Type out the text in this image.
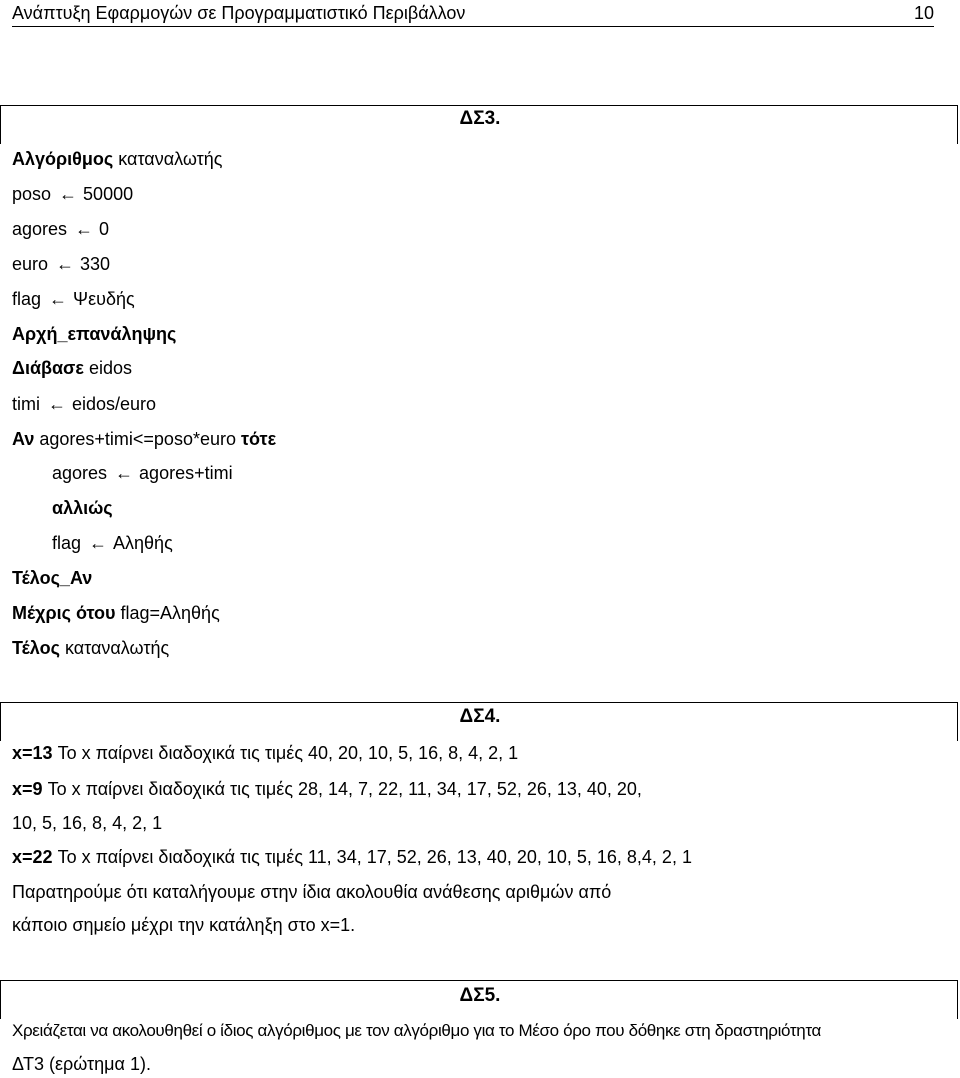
Ανάπτυξη Εφαρμογών σε Προγραμματιστικό Περιβάλλον	10
ΔΣ3.
Αλγόριθμος καταναλωτής
poso ← 50000
agores ← 0
euro ← 330
flag ← Ψευδής
Αρχή_επανάληψης
Διάβασε eidos
timi ← eidos/euro
Αν agores+timi<=poso*euro τότε
agores ← agores+timi
αλλιώς
flag ← Αληθής
Τέλος_Αν
Μέχρις ότου flag=Αληθής
Τέλος καταναλωτής
ΔΣ4.
x=13 Το x παίρνει διαδοχικά τις τιμές 40, 20, 10, 5, 16, 8, 4, 2, 1
x=9 Το x παίρνει διαδοχικά τις τιμές 28, 14, 7, 22, 11, 34, 17, 52, 26, 13, 40, 20,
10, 5, 16, 8, 4, 2, 1
x=22 Το x παίρνει διαδοχικά τις τιμές 11, 34, 17, 52, 26, 13, 40, 20, 10, 5, 16, 8,4, 2, 1
Παρατηρούμε ότι καταλήγουμε στην ίδια ακολουθία ανάθεσης αριθμών από
κάποιο σημείο μέχρι την κατάληξη στο x=1.
ΔΣ5.
Χρειάζεται να ακολουθηθεί ο ίδιος αλγόριθμος με τον αλγόριθμο για το Μέσο όρο που δόθηκε στη δραστηριότητα
ΔΤ3 (ερώτημα 1).
